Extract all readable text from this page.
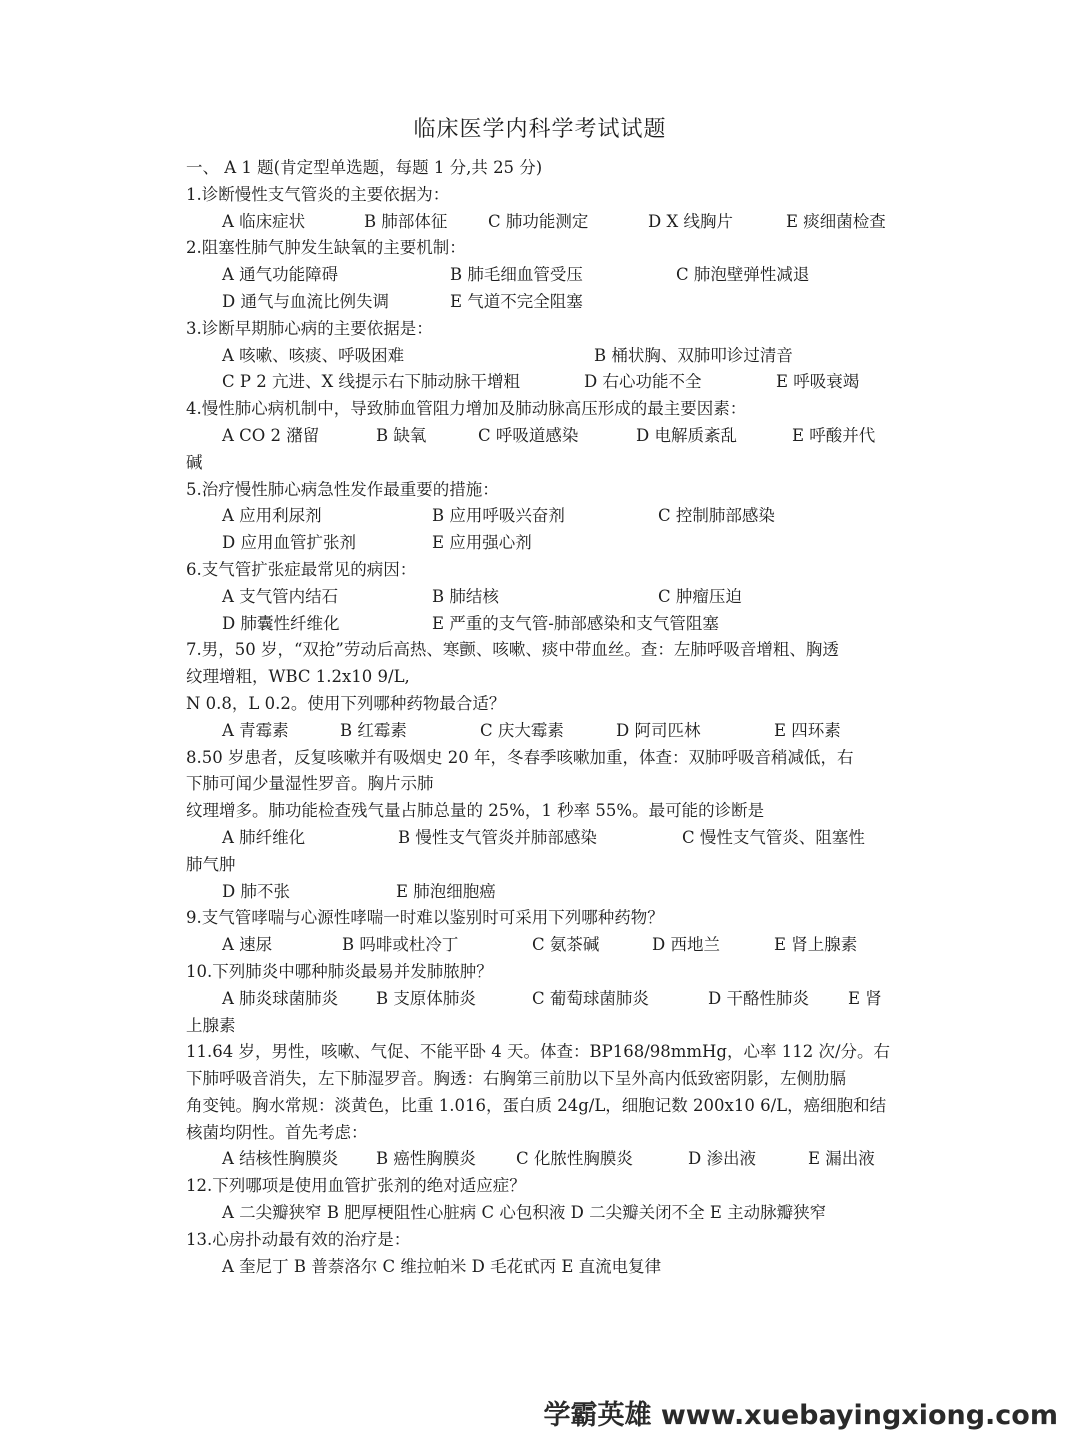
临床医学内科学考试试题
一、 A 1 题(肯定型单选题，每题 1 分,共 25 分)
1.诊断慢性支气管炎的主要依据为：
A 临床症状	B 肺部体征 C 肺功能测定	D X 线胸片	E 痰细菌检查
2.阻塞性肺气肿发生缺氧的主要机制：
A 通气功能障碍	B 肺毛细血管受压	C 肺泡壁弹性减退
D 通气与血流比例失调	E 气道不完全阻塞
3.诊断早期肺心病的主要依据是：
A 咳嗽、咳痰、呼吸困难	B 桶状胸、双肺叩诊过清音
C P 2 亢进、X 线提示右下肺动脉干增粗	D 右心功能不全	E 呼吸衰竭
4.慢性肺心病机制中，导致肺血管阻力增加及肺动脉高压形成的最主要因素：
A CO 2 潴留	B 缺氧	C 呼吸道感染	D 电解质紊乱	E 呼酸并代
碱
5.治疗慢性肺心病急性发作最重要的措施：
A 应用利尿剂	B 应用呼吸兴奋剂	C 控制肺部感染
D 应用血管扩张剂	E 应用强心剂
6.支气管扩张症最常见的病因：
A 支气管内结石	B 肺结核	C 肿瘤压迫
D 肺囊性纤维化	E 严重的支气管-肺部感染和支气管阻塞
7.男，50 岁，“双抢”劳动后高热、寒颤、咳嗽、痰中带血丝。查：左肺呼吸音增粗、胸透
纹理增粗，WBC 1.2x10 9/L,
N 0.8，L 0.2。使用下列哪种药物最合适？
A 青霉素	B 红霉素	C 庆大霉素	D 阿司匹林	E 四环素
8.50 岁患者，反复咳嗽并有吸烟史 20 年，冬春季咳嗽加重，体查：双肺呼吸音稍减低，右
下肺可闻少量湿性罗音。胸片示肺
纹理增多。肺功能检查残气量占肺总量的 25%，1 秒率 55%。最可能的诊断是
A 肺纤维化	B 慢性支气管炎并肺部感染	C 慢性支气管炎、阻塞性
肺气肿
D 肺不张	E 肺泡细胞癌
9.支气管哮喘与心源性哮喘一时难以鉴别时可采用下列哪种药物？
A 速尿	B 吗啡或杜冷丁	C 氨茶碱	D 西地兰	E 肾上腺素
10.下列肺炎中哪种肺炎最易并发肺脓肿？
A 肺炎球菌肺炎 B 支原体肺炎	C 葡萄球菌肺炎	D 干酪性肺炎 E 肾
上腺素
11.64 岁，男性，咳嗽、气促、不能平卧 4 天。体查：BP168/98mmHg，心率 112 次/分。右
下肺呼吸音消失，左下肺湿罗音。胸透：右胸第三前肋以下呈外高内低致密阴影，左侧肋膈
角变钝。胸水常规：淡黄色，比重 1.016，蛋白质 24g/L，细胞记数 200x10 6/L，癌细胞和结
核菌均阴性。首先考虑：
A 结核性胸膜炎 B 癌性胸膜炎 C 化脓性胸膜炎	D 渗出液	E 漏出液
12.下列哪项是使用血管扩张剂的绝对适应症？
A 二尖瓣狭窄 B 肥厚梗阻性心脏病 C 心包积液 D 二尖瓣关闭不全 E 主动脉瓣狭窄
13.心房扑动最有效的治疗是：
A 奎尼丁 B 普萘洛尔 C 维拉帕米 D 毛花甙丙 E 直流电复律
学霸英雄 www.xuebayingxiong.com
